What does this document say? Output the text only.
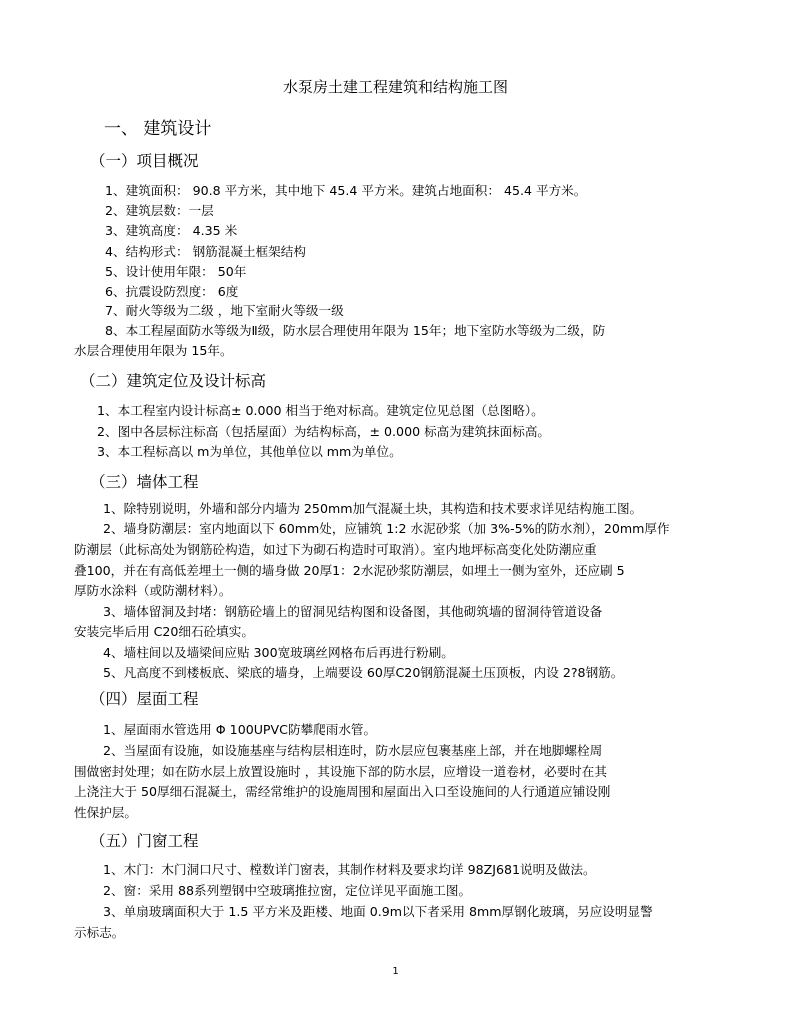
水泵房土建工程建筑和结构施工图
一、 建筑设计
（一）项目概况
1、建筑面积： 90.8 平方米，其中地下 45.4 平方米。建筑占地面积： 45.4 平方米。
2、建筑层数：一层
3、建筑高度： 4.35 米
4、结构形式： 钢筋混凝土框架结构
5、设计使用年限： 50年
6、抗震设防烈度： 6度
7、耐火等级为二级 ，地下室耐火等级一级
8、本工程屋面防水等级为Ⅱ级，防水层合理使用年限为 15年；地下室防水等级为二级，防
水层合理使用年限为 15年。
（二）建筑定位及设计标高
1、本工程室内设计标高± 0.000 相当于绝对标高。建筑定位见总图（总图略）。
2、图中各层标注标高（包括屋面）为结构标高，± 0.000 标高为建筑抹面标高。
3、本工程标高以 m为单位，其他单位以 mm为单位。
（三）墙体工程
1、除特别说明，外墙和部分内墙为 250mm加气混凝土块，其构造和技术要求详见结构施工图。
2、墙身防潮层：室内地面以下 60mm处，应铺筑 1:2 水泥砂浆（加 3%-5%的防水剂），20mm厚作
防潮层（此标高处为钢筋砼构造，如过下为砌石构造时可取消）。室内地坪标高变化处防潮应重
叠100，并在有高低差埋土一侧的墙身做 20厚1：2水泥砂浆防潮层，如埋土一侧为室外，还应刷 5
厚防水涂料（或防潮材料）。
3、墙体留洞及封堵：钢筋砼墙上的留洞见结构图和设备图，其他砌筑墙的留洞待管道设备
安装完毕后用 C20细石砼填实。
4、墙柱间以及墙梁间应贴 300宽玻璃丝网格布后再进行粉刷。
5、凡高度不到楼板底、梁底的墙身，上端要设 60厚C20钢筋混凝土压顶板，内设 2?8钢筋。
（四）屋面工程
1、屋面雨水管选用 Φ 100UPVC防攀爬雨水管。
2、当屋面有设施，如设施基座与结构层相连时，防水层应包裹基座上部，并在地脚螺栓周
围做密封处理；如在防水层上放置设施时 ，其设施下部的防水层，应增设一道卷材，必要时在其
上浇注大于 50厚细石混凝土，需经常维护的设施周围和屋面出入口至设施间的人行通道应铺设刚
性保护层。
（五）门窗工程
1、木门：木门洞口尺寸、樘数详门窗表，其制作材料及要求均详 98ZJ681说明及做法。
2、窗：采用 88系列塑钢中空玻璃推拉窗，定位详见平面施工图。
3、单扇玻璃面积大于 1.5 平方米及距楼、地面 0.9m以下者采用 8mm厚钢化玻璃，另应设明显警
示标志。
1
